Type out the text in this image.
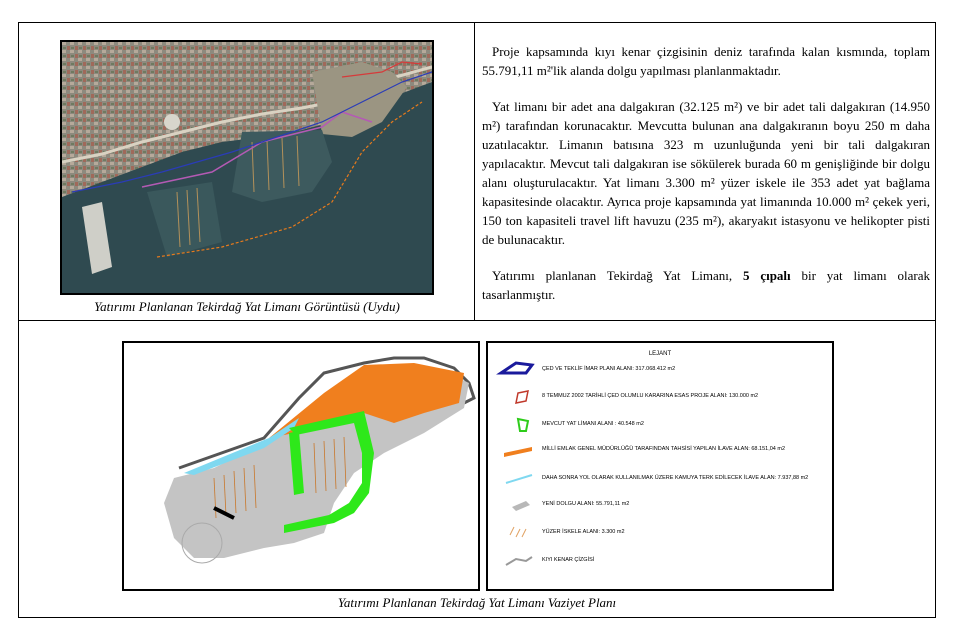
Yatırımı Planlanan Tekirdağ Yat Limanı Görüntüsü (Uydu)

Proje kapsamında kıyı kenar çizgisinin deniz tarafında kalan kısmında, toplam 55.791,11 m²'lik alanda dolgu yapılması planlanmaktadır.

Yat limanı bir adet ana dalgakıran (32.125 m²) ve bir adet tali dalgakıran (14.950 m²) tarafından korunacaktır. Mevcutta bulunan ana dalgakıranın boyu 250 m daha uzatılacaktır. Limanın batısına 323 m uzunluğunda yeni bir tali dalgakıran yapılacaktır. Mevcut tali dalgakıran ise sökülerek burada 60 m genişliğinde bir dolgu alanı oluşturulacaktır. Yat limanı 3.300 m² yüzer iskele ile 353 adet yat bağlama kapasitesinde olacaktır. Ayrıca proje kapsamında yat limanında 10.000 m² çekek yeri, 150 ton kapasiteli travel lift havuzu (235 m²), akaryakıt istasyonu ve helikopter pisti de bulunacaktır.

Yatırımı planlanan Tekirdağ Yat Limanı, 5 çıpalı bir yat limanı olarak tasarlanmıştır.

LEJANT
ÇED VE TEKLİF İMAR PLANI ALANI: 317.068.412 m2
8 TEMMUZ 2002 TARİHLİ ÇED OLUMLU KARARINA ESAS PROJE ALANI: 130.000 m2
MEVCUT YAT LİMANI ALANI : 40.548 m2
MİLLİ EMLAK GENEL MÜDÜRLÜĞÜ TARAFINDAN TAHSİSİ YAPILAN İLAVE ALAN: 68.151,04 m2
DAHA SONRA YOL OLARAK KULLANILMAK ÜZERE KAMUYA TERK EDİLECEK İLAVE ALAN: 7.937,88 m2
YENİ DOLGU ALANI: 55.791,11 m2
YÜZER İSKELE ALANI: 3.300 m2
KIYI KENAR ÇİZGİSİ
Yatırımı Planlanan Tekirdağ Yat Limanı Vaziyet Planı
